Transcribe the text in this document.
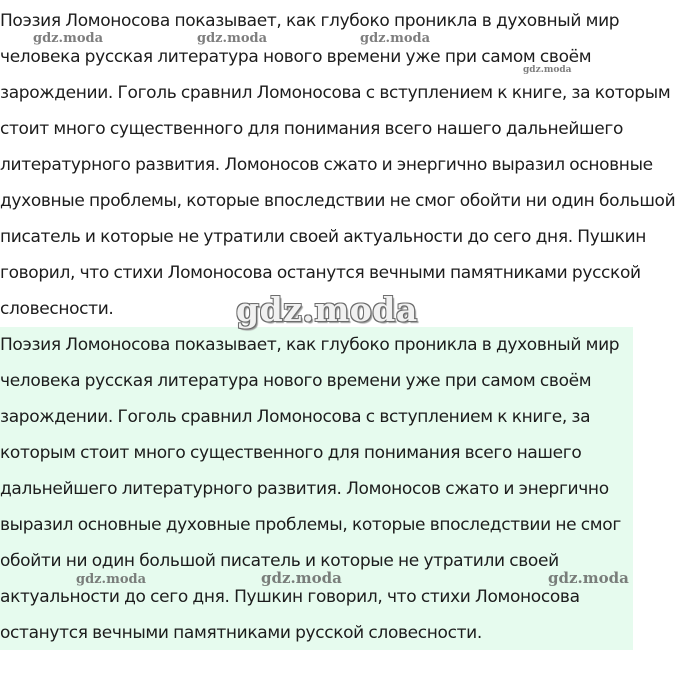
Поэзия Ломоносова показывает, как глубоко проникла в духовный мир
человека русская литература нового времени уже при самом своём
зарождении. Гоголь сравнил Ломоносова с вступлением к книге, за которым
стоит много существенного для понимания всего нашего дальнейшего
литературного развития. Ломоносов сжато и энергично выразил основные
духовные проблемы, которые впоследствии не смог обойти ни один большой
писатель и которые не утратили своей актуальности до сего дня. Пушкин
говорил, что стихи Ломоносова останутся вечными памятниками русской
словесности.
Поэзия Ломоносова показывает, как глубоко проникла в духовный мир
человека русская литература нового времени уже при самом своём
зарождении. Гоголь сравнил Ломоносова с вступлением к книге, за
которым стоит много существенного для понимания всего нашего
дальнейшего литературного развития. Ломоносов сжато и энергично
выразил основные духовные проблемы, которые впоследствии не смог
обойти ни один большой писатель и которые не утратили своей
актуальности до сего дня. Пушкин говорил, что стихи Ломоносова
останутся вечными памятниками русской словесности.
gdz.moda	gdz.moda	gdz.moda
gdz.moda
gdz.moda
gdz.moda	gdz.moda	gdz.moda
